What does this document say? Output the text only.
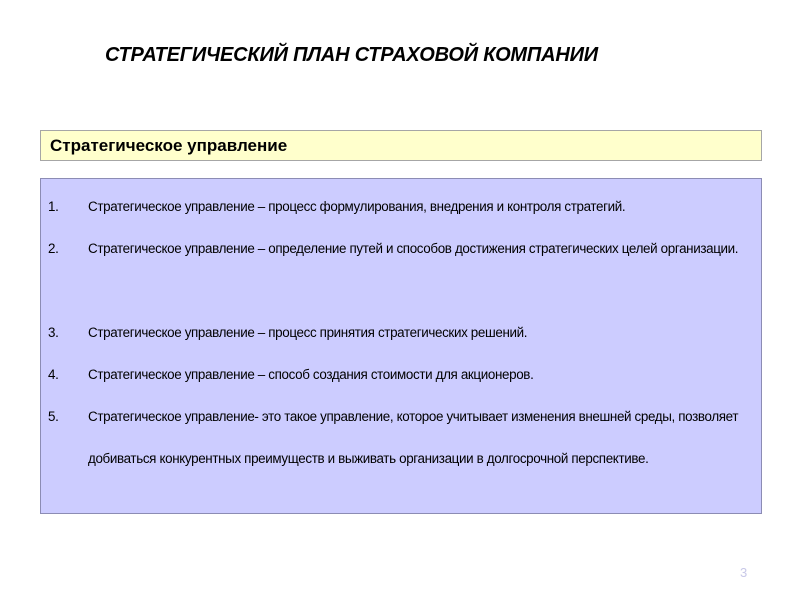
СТРАТЕГИЧЕСКИЙ ПЛАН СТРАХОВОЙ КОМПАНИИ
Стратегическое управление
1. Стратегическое управление – процесс формулирования, внедрения и контроля стратегий.
2. Стратегическое управление – определение путей и способов достижения стратегических целей организации.
3. Стратегическое управление – процесс принятия стратегических решений.
4. Стратегическое управление – способ создания стоимости для акционеров.
5. Стратегическое управление- это такое управление, которое учитывает изменения внешней среды, позволяет добиваться конкурентных преимуществ и выживать организации в долгосрочной перспективе.
3
